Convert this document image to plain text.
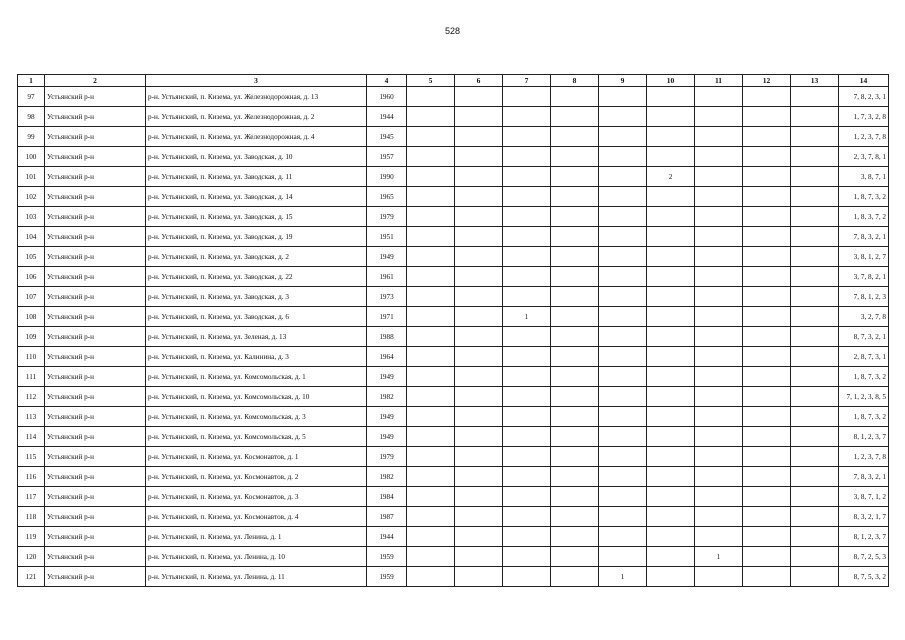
528
1	2	3	4	5	6	7	8	9	10	11	12	13	14
97	Устьянский р-н	р-н. Устьянский, п. Кизема, ул. Железнодорожная, д. 13	1960										7, 8, 2, 3, 1
98	Устьянский р-н	р-н. Устьянский, п. Кизема, ул. Железнодорожная, д. 2	1944										1, 7, 3, 2, 8
99	Устьянский р-н	р-н. Устьянский, п. Кизема, ул. Железнодорожная, д. 4	1945										1, 2, 3, 7, 8
100	Устьянский р-н	р-н. Устьянский, п. Кизема, ул. Заводская, д. 10	1957										2, 3, 7, 8, 1
101	Устьянский р-н	р-н. Устьянский, п. Кизема, ул. Заводская, д. 11	1990						2				3, 8, 7, 1
102	Устьянский р-н	р-н. Устьянский, п. Кизема, ул. Заводская, д. 14	1965										1, 8, 7, 3, 2
103	Устьянский р-н	р-н. Устьянский, п. Кизема, ул. Заводская, д. 15	1979										1, 8, 3, 7, 2
104	Устьянский р-н	р-н. Устьянский, п. Кизема, ул. Заводская, д. 19	1951										7, 8, 3, 2, 1
105	Устьянский р-н	р-н. Устьянский, п. Кизема, ул. Заводская, д. 2	1949										3, 8, 1, 2, 7
106	Устьянский р-н	р-н. Устьянский, п. Кизема, ул. Заводская, д. 22	1961										3, 7, 8, 2, 1
107	Устьянский р-н	р-н. Устьянский, п. Кизема, ул. Заводская, д. 3	1973										7, 8, 1, 2, 3
108	Устьянский р-н	р-н. Устьянский, п. Кизема, ул. Заводская, д. 6	1971			1							3, 2, 7, 8
109	Устьянский р-н	р-н. Устьянский, п. Кизема, ул. Зеленая, д. 13	1988										8, 7, 3, 2, 1
110	Устьянский р-н	р-н. Устьянский, п. Кизема, ул. Калинина, д. 3	1964										2, 8, 7, 3, 1
111	Устьянский р-н	р-н. Устьянский, п. Кизема, ул. Комсомольская, д. 1	1949										1, 8, 7, 3, 2
112	Устьянский р-н	р-н. Устьянский, п. Кизема, ул. Комсомольская, д. 10	1982										7, 1, 2, 3, 8, 5
113	Устьянский р-н	р-н. Устьянский, п. Кизема, ул. Комсомольская, д. 3	1949										1, 8, 7, 3, 2
114	Устьянский р-н	р-н. Устьянский, п. Кизема, ул. Комсомольская, д. 5	1949										8, 1, 2, 3, 7
115	Устьянский р-н	р-н. Устьянский, п. Кизема, ул. Космонавтов, д. 1	1979										1, 2, 3, 7, 8
116	Устьянский р-н	р-н. Устьянский, п. Кизема, ул. Космонавтов, д. 2	1982										7, 8, 3, 2, 1
117	Устьянский р-н	р-н. Устьянский, п. Кизема, ул. Космонавтов, д. 3	1984										3, 8, 7, 1, 2
118	Устьянский р-н	р-н. Устьянский, п. Кизема, ул. Космонавтов, д. 4	1987										8, 3, 2, 1, 7
119	Устьянский р-н	р-н. Устьянский, п. Кизема, ул. Ленина, д. 1	1944										8, 1, 2, 3, 7
120	Устьянский р-н	р-н. Устьянский, п. Кизема, ул. Ленина, д. 10	1959							1			8, 7, 2, 5, 3
121	Устьянский р-н	р-н. Устьянский, п. Кизема, ул. Ленина, д. 11	1959					1					8, 7, 5, 3, 2
